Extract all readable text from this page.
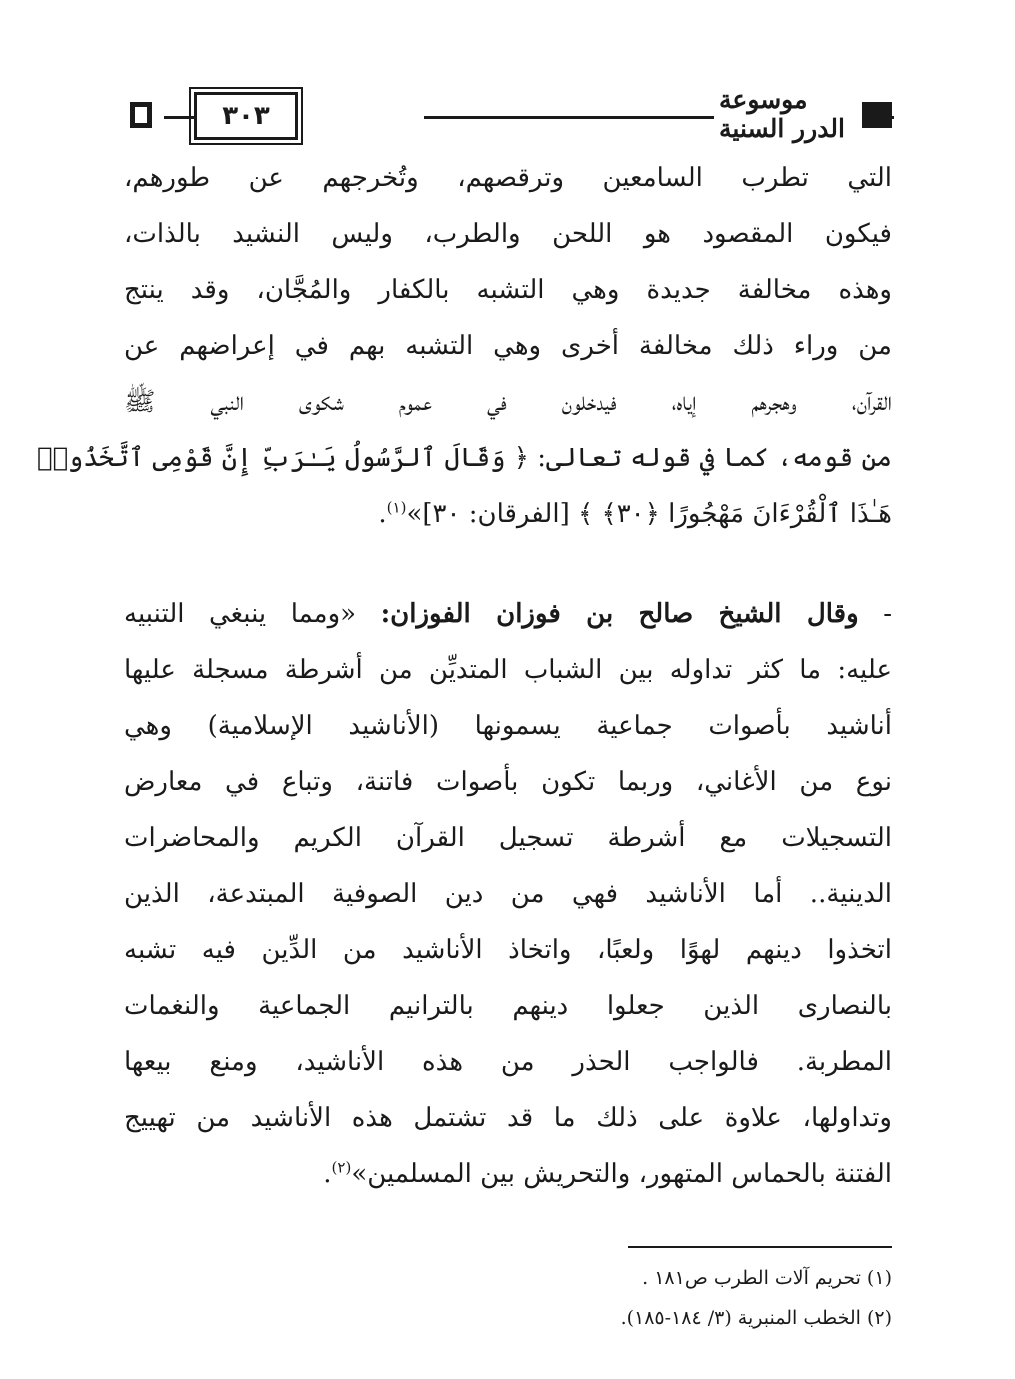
٣٠٣
موسوعة الدرر السنية
التي تطرب السامعين وترقصهم، وتُخرجهم عن طورهم،
فيكون المقصود هو اللحن والطرب، وليس النشيد بالذات،
وهذه مخالفة جديدة وهي التشبه بالكفار والمُجَّان، وقد ينتج
من وراء ذلك مخالفة أخرى وهي التشبه بهم في إعراضهم عن
القرآن، وهجرهم إياه، فيدخلون في عموم شكوى النبي ﷺ
من قومه، كما في قوله تعالى: ﴿ وَقَالَ ٱلرَّسُولُ يَـٰرَبِّ إِنَّ قَوْمِى ٱتَّخَذُوا۟
هَـٰذَا ٱلْقُرْءَانَ مَهْجُورًا ﴿٣٠﴾ ﴾ [الفرقان: ٣٠]»$^{(١)}$.
- وقال الشيخ صالح بن فوزان الفوزان: «ومما ينبغي التنبيه
عليه: ما كثر تداوله بين الشباب المتديِّن من أشرطة مسجلة عليها
أناشيد بأصوات جماعية يسمونها (الأناشيد الإسلامية) وهي
نوع من الأغاني، وربما تكون بأصوات فاتنة، وتباع في معارض
التسجيلات مع أشرطة تسجيل القرآن الكريم والمحاضرات
الدينية.. أما الأناشيد فهي من دين الصوفية المبتدعة، الذين
اتخذوا دينهم لهوًا ولعبًا، واتخاذ الأناشيد من الدِّين فيه تشبه
بالنصارى الذين جعلوا دينهم بالترانيم الجماعية والنغمات
المطربة. فالواجب الحذر من هذه الأناشيد، ومنع بيعها
وتداولها، علاوة على ذلك ما قد تشتمل هذه الأناشيد من تهييج
الفتنة بالحماس المتهور، والتحريش بين المسلمين»$^{(٢)}$.
(١) تحريم آلات الطرب ص١٨١ .
(٢) الخطب المنبرية (٣/ ١٨٤-١٨٥).
